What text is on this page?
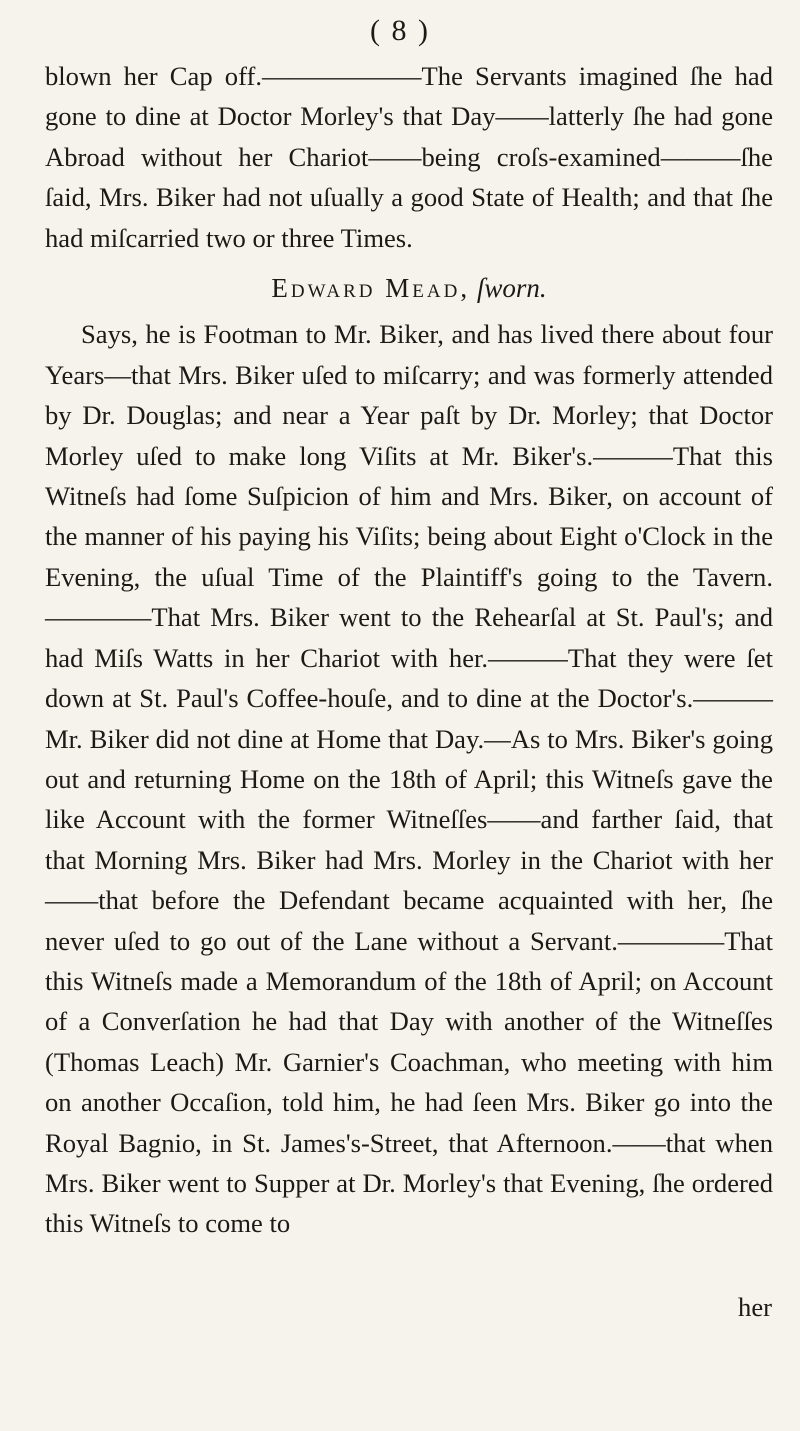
( 8 )

blown her Cap off.——————The Servants imagined ſhe had gone to dine at Doctor Morley's that Day——latterly ſhe had gone Abroad without her Chariot——being croſs-examined———ſhe ſaid, Mrs. Biker had not uſually a good State of Health; and that ſhe had miſcarried two or three Times.

Edward Mead, ſworn.

Says, he is Footman to Mr. Biker, and has lived there about four Years—that Mrs. Biker uſed to miſcarry; and was formerly attended by Dr. Douglas; and near a Year paſt by Dr. Morley; that Doctor Morley uſed to make long Viſits at Mr. Biker's.———That this Witneſs had ſome Suſpicion of him and Mrs. Biker, on account of the manner of his paying his Viſits; being about Eight o'Clock in the Evening, the uſual Time of the Plaintiff's going to the Tavern.————That Mrs. Biker went to the Rehearſal at St. Paul's; and had Miſs Watts in her Chariot with her.———That they were ſet down at St. Paul's Coffee-houſe, and to dine at the Doctor's.———Mr. Biker did not dine at Home that Day.—As to Mrs. Biker's going out and returning Home on the 18th of April; this Witneſs gave the like Account with the former Witneſſes——and farther ſaid, that that Morning Mrs. Biker had Mrs. Morley in the Chariot with her——that before the Defendant became acquainted with her, ſhe never uſed to go out of the Lane without a Servant.————That this Witneſs made a Memorandum of the 18th of April; on Account of a Converſation he had that Day with another of the Witneſſes (Thomas Leach) Mr. Garnier's Coachman, who meeting with him on another Occaſion, told him, he had ſeen Mrs. Biker go into the Royal Bagnio, in St. James's-Street, that Afternoon.——that when Mrs. Biker went to Supper at Dr. Morley's that Evening, ſhe ordered this Witneſs to come to

her
